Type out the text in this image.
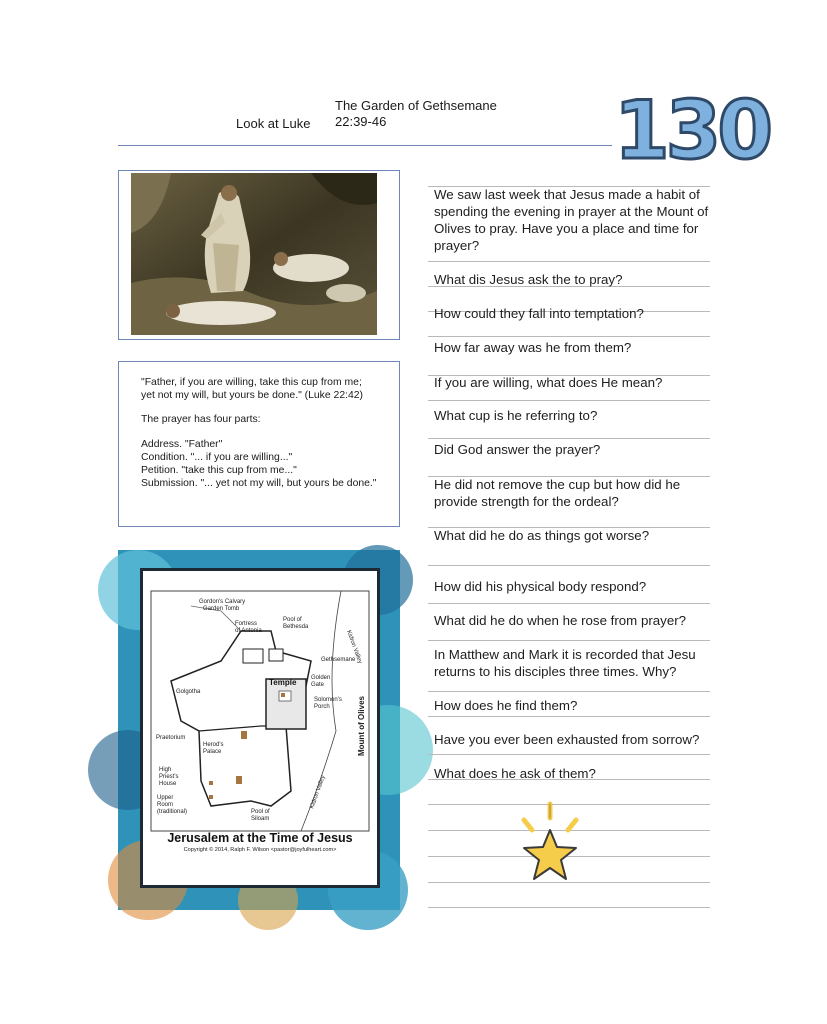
Look at Luke
The Garden of Gethsemane
22:39-46	130

"Father, if you are willing, take this cup from me; yet not my will, but yours be done." (Luke 22:42)

The prayer has four parts:

Address. "Father"
Condition. "... if you are willing..."
Petition. "take this cup from me..."
Submission. "... yet not my will, but yours be done."
Gordon's Calvary
Garden Tomb
Fortress
of Antonia
Pool of
Bethesda
Gethsemane
Golden
Gate
Golgotha
Solomon's
Porch
Praetorium
Herod's
Palace
High
Priest's
House
Upper
Room
(traditional)	Pool of
Siloam
Temple
Kidron Valley
Mount of Olives
Kidron Valley
Jerusalem at the Time of Jesus
Copyright © 2014, Ralph F. Wilson <pastor@joyfulheart.com>
We saw last week that Jesus made a habit of spending the evening in prayer at the Mount of Olives to pray. Have you a place and time for prayer?
What dis Jesus ask the to pray?
How could they fall into temptation?
How far away was he from them?
If you are willing, what does He mean?
What cup is he referring to?
Did God answer the prayer?
He did not remove the cup but how did he provide strength for the ordeal?
What did he do as things got worse?
How did his physical body respond?
What did he do when he rose from prayer?
In Matthew and Mark it is recorded that Jesu returns to his disciples three times. Why?
How does he find them?
Have you ever been exhausted from sorrow?
What does he ask of them?
